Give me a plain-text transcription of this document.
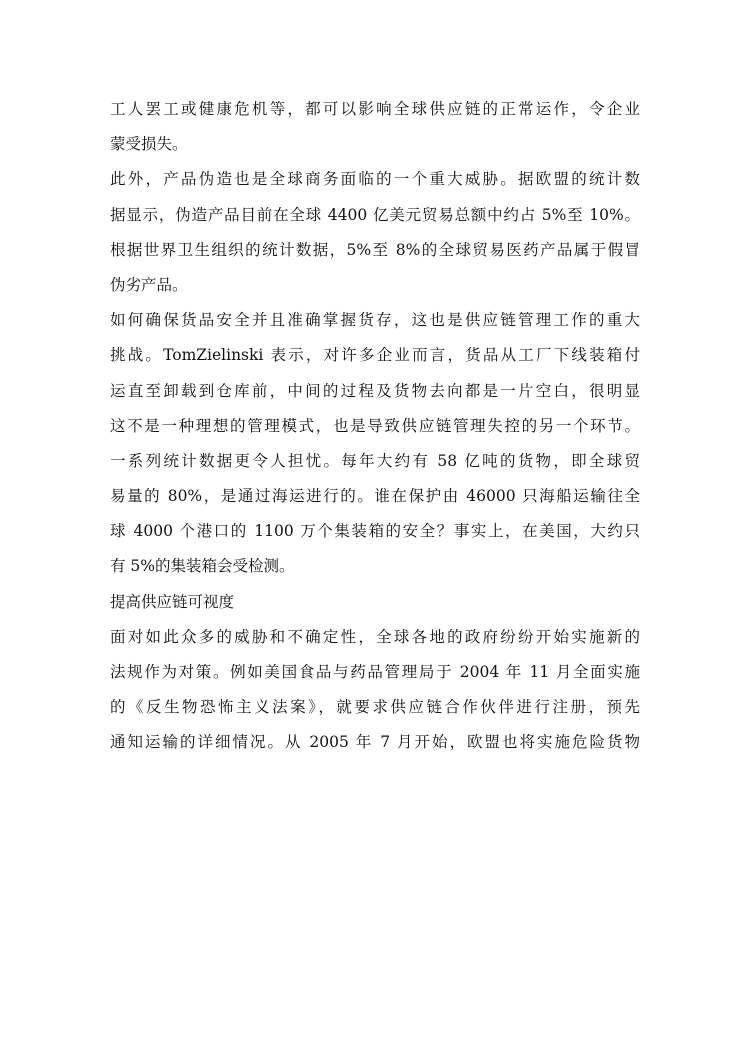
工人罢工或健康危机等，都可以影响全球供应链的正常运作，令企业
蒙受损失。
此外，产品伪造也是全球商务面临的一个重大威胁。据欧盟的统计数
据显示，伪造产品目前在全球 4400 亿美元贸易总额中约占 5%至 10%。
根据世界卫生组织的统计数据，5%至 8%的全球贸易医药产品属于假冒
伪劣产品。
如何确保货品安全并且准确掌握货存，这也是供应链管理工作的重大
挑战。TomZielinski 表示，对许多企业而言，货品从工厂下线装箱付
运直至卸载到仓库前，中间的过程及货物去向都是一片空白，很明显
这不是一种理想的管理模式，也是导致供应链管理失控的另一个环节。
一系列统计数据更令人担忧。每年大约有 58 亿吨的货物，即全球贸
易量的 80%，是通过海运进行的。谁在保护由 46000 只海船运输往全
球 4000 个港口的 1100 万个集装箱的安全？事实上，在美国，大约只
有 5%的集装箱会受检测。
提高供应链可视度
面对如此众多的威胁和不确定性，全球各地的政府纷纷开始实施新的
法规作为对策。例如美国食品与药品管理局于 2004 年 11 月全面实施
的《反生物恐怖主义法案》，就要求供应链合作伙伴进行注册，预先
通知运输的详细情况。从 2005 年 7 月开始，欧盟也将实施危险货物
